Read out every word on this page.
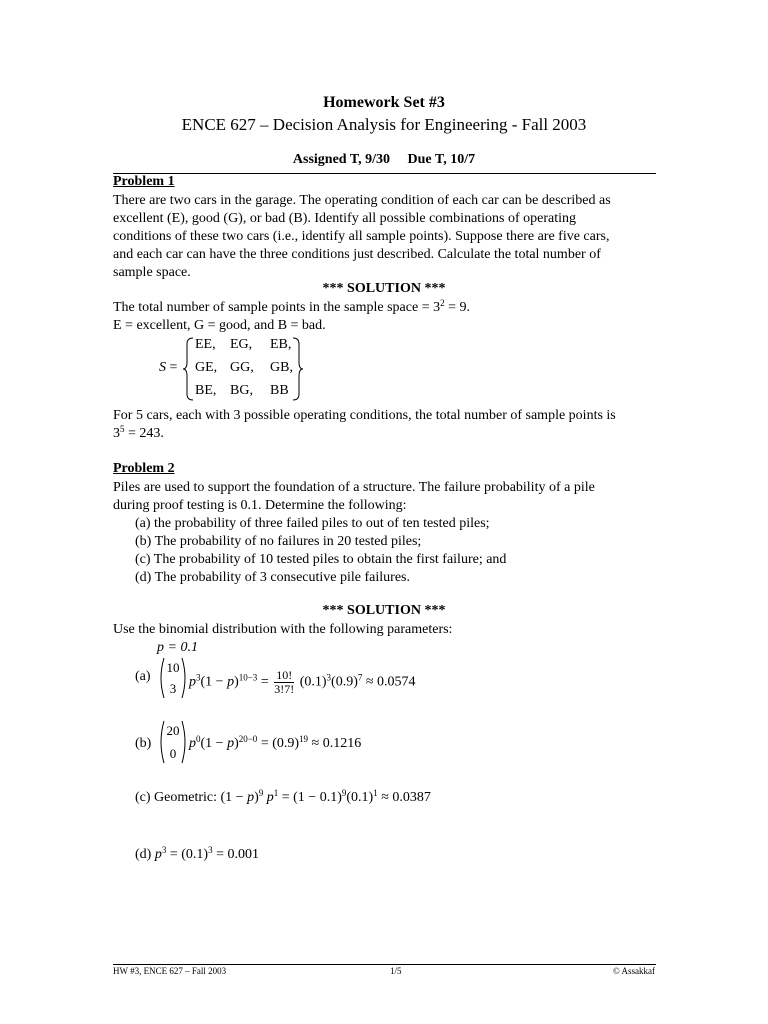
Homework Set #3
ENCE 627 – Decision Analysis for Engineering - Fall 2003
Assigned T, 9/30 Due T, 10/7
Problem 1
There are two cars in the garage. The operating condition of each car can be described as
excellent (E), good (G), or bad (B). Identify all possible combinations of operating
conditions of these two cars (i.e., identify all sample points). Suppose there are five cars,
and each car can have the three conditions just described. Calculate the total number of
sample space.
*** SOLUTION ***
The total number of sample points in the sample space = $3^2 = 9$.
E = excellent, G = good, and B = bad.
S =
EE, EG, EB,
GE, GG, GB,
BE, BG, BB
For 5 cars, each with 3 possible operating conditions, the total number of sample points is
$3^5 = 243$.
Problem 2
Piles are used to support the foundation of a structure. The failure probability of a pile
during proof testing is 0.1. Determine the following:
(a) the probability of three failed piles to out of ten tested piles;
(b) The probability of no failures in 20 tested piles;
(c) The probability of 10 tested piles to obtain the first failure; and
(d) The probability of 3 consecutive pile failures.
*** SOLUTION ***
Use the binomial distribution with the following parameters:
p = 0.1
(a)
10
3 $p^3(1 - p)^{10-3} = \frac{10!}{3!7!} (0.1)^3(0.9)^7 \approx 0.0574$
(b)
20
0
$p^0(1 - p)^{20-0} = (0.9)^{19} \approx 0.1216$
(c) Geometric: $(1 - p)^9$ $p^1 = (1 - 0.1)^9(0.1)^1 \approx 0.0387$
(d) $p^3 = (0.1)^3 = 0.001$
HW #3, ENCE 627 – Fall 2003	1/5	© Assakkaf
